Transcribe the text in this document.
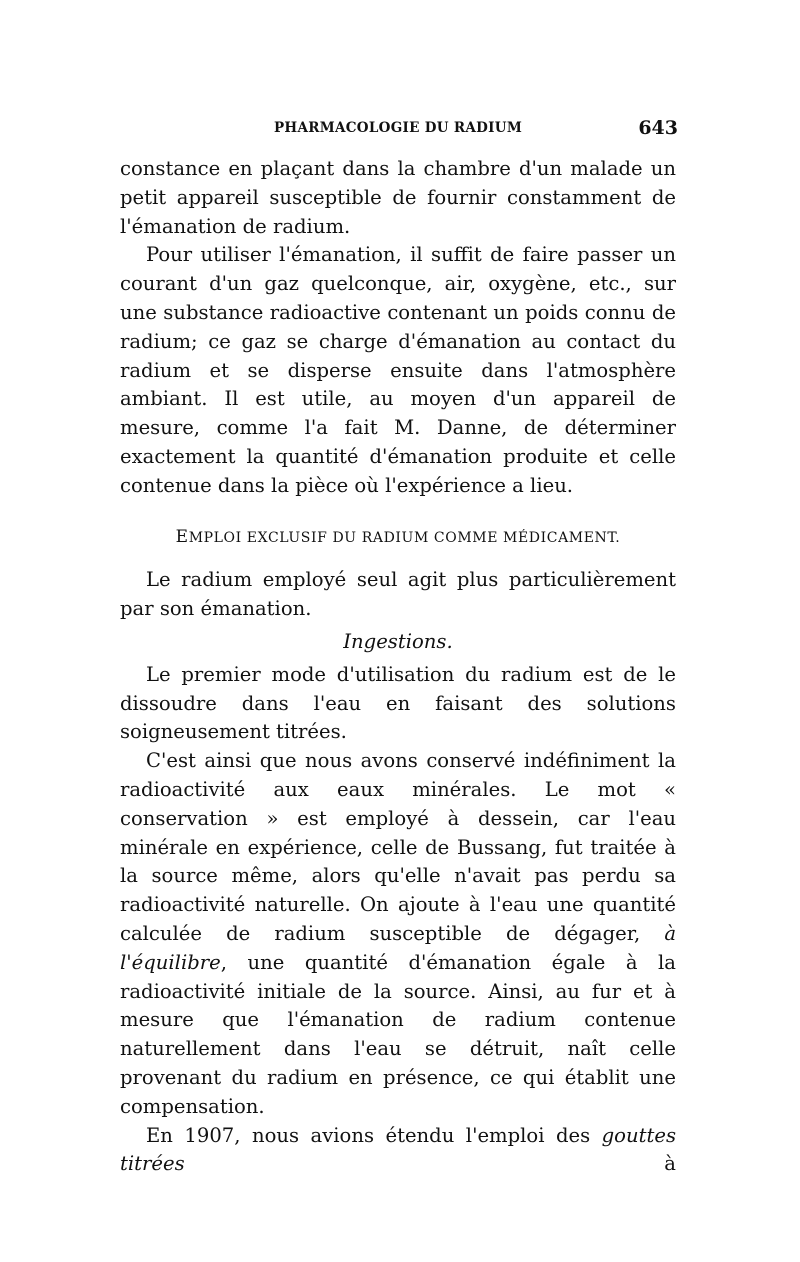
PHARMACOLOGIE DU RADIUM	643

constance en plaçant dans la chambre d'un malade un petit appareil susceptible de fournir constamment de l'émanation de radium.

Pour utiliser l'émanation, il suffit de faire passer un courant d'un gaz quelconque, air, oxygène, etc., sur une substance radioactive contenant un poids connu de radium; ce gaz se charge d'émanation au contact du radium et se disperse ensuite dans l'atmosphère ambiant. Il est utile, au moyen d'un appareil de mesure, comme l'a fait M. Danne, de déterminer exactement la quantité d'émanation produite et celle contenue dans la pièce où l'expérience a lieu.

EMPLOI EXCLUSIF DU RADIUM COMME MÉDICAMENT.

Le radium employé seul agit plus particulièrement par son émanation.

Ingestions.

Le premier mode d'utilisation du radium est de le dissoudre dans l'eau en faisant des solutions soigneusement titrées.

C'est ainsi que nous avons conservé indéfiniment la radioactivité aux eaux minérales. Le mot « conservation » est employé à dessein, car l'eau minérale en expérience, celle de Bussang, fut traitée à la source même, alors qu'elle n'avait pas perdu sa radioactivité naturelle. On ajoute à l'eau une quantité calculée de radium susceptible de dégager, à l'équilibre, une quantité d'émanation égale à la radioactivité initiale de la source. Ainsi, au fur et à mesure que l'émanation de radium contenue naturellement dans l'eau se détruit, naît celle provenant du radium en présence, ce qui établit une compensation.

En 1907, nous avions étendu l'emploi des gouttes titrées à
